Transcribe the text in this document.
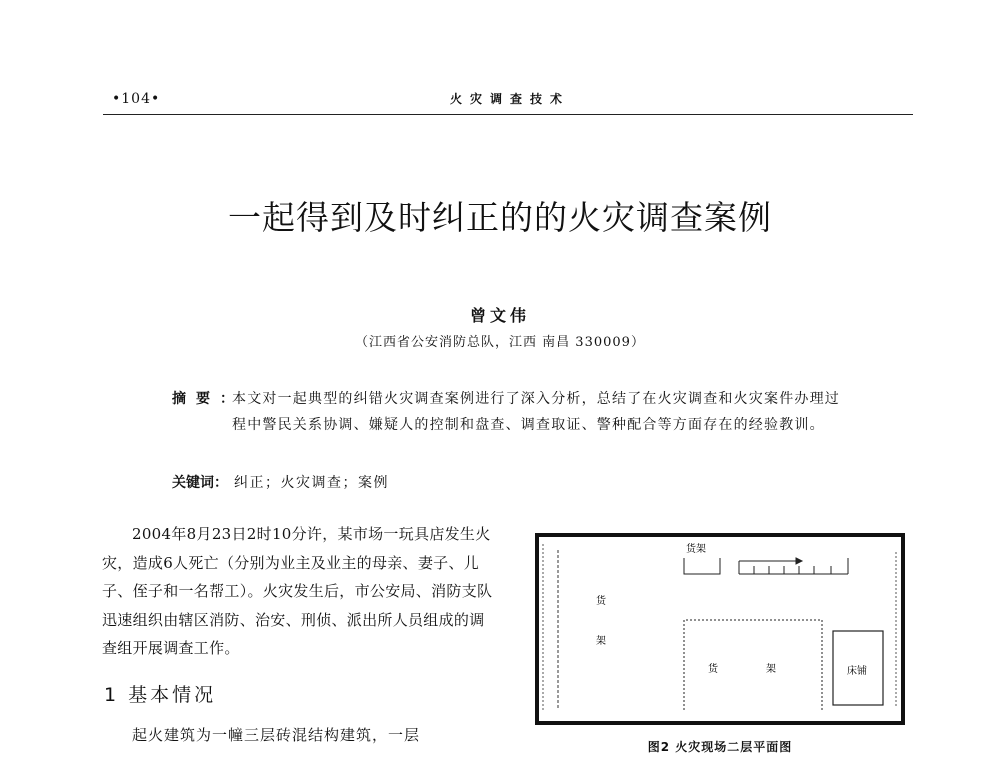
•104•	火灾调查技术
一起得到及时纠正的的火灾调查案例
曾文伟
（江西省公安消防总队，江西 南昌 330009）
摘要：
本文对一起典型的纠错火灾调查案例进行了深入分析，总结了在火灾调查和火灾案件办理过程中警民关系协调、嫌疑人的控制和盘查、调查取证、警种配合等方面存在的经验教训。
关键词： 纠正；火灾调查；案例
2004年8月23日2时10分许，某市场一玩具店发生火灾，造成6人死亡（分别为业主及业主的母亲、妻子、儿子、侄子和一名帮工）。火灾发生后，市公安局、消防支队迅速组织由辖区消防、治安、刑侦、派出所人员组成的调查组开展调查工作。
1 基本情况
起火建筑为一幢三层砖混结构建筑，一层
货架
货
架
货	架	床铺
图2 火灾现场二层平面图
